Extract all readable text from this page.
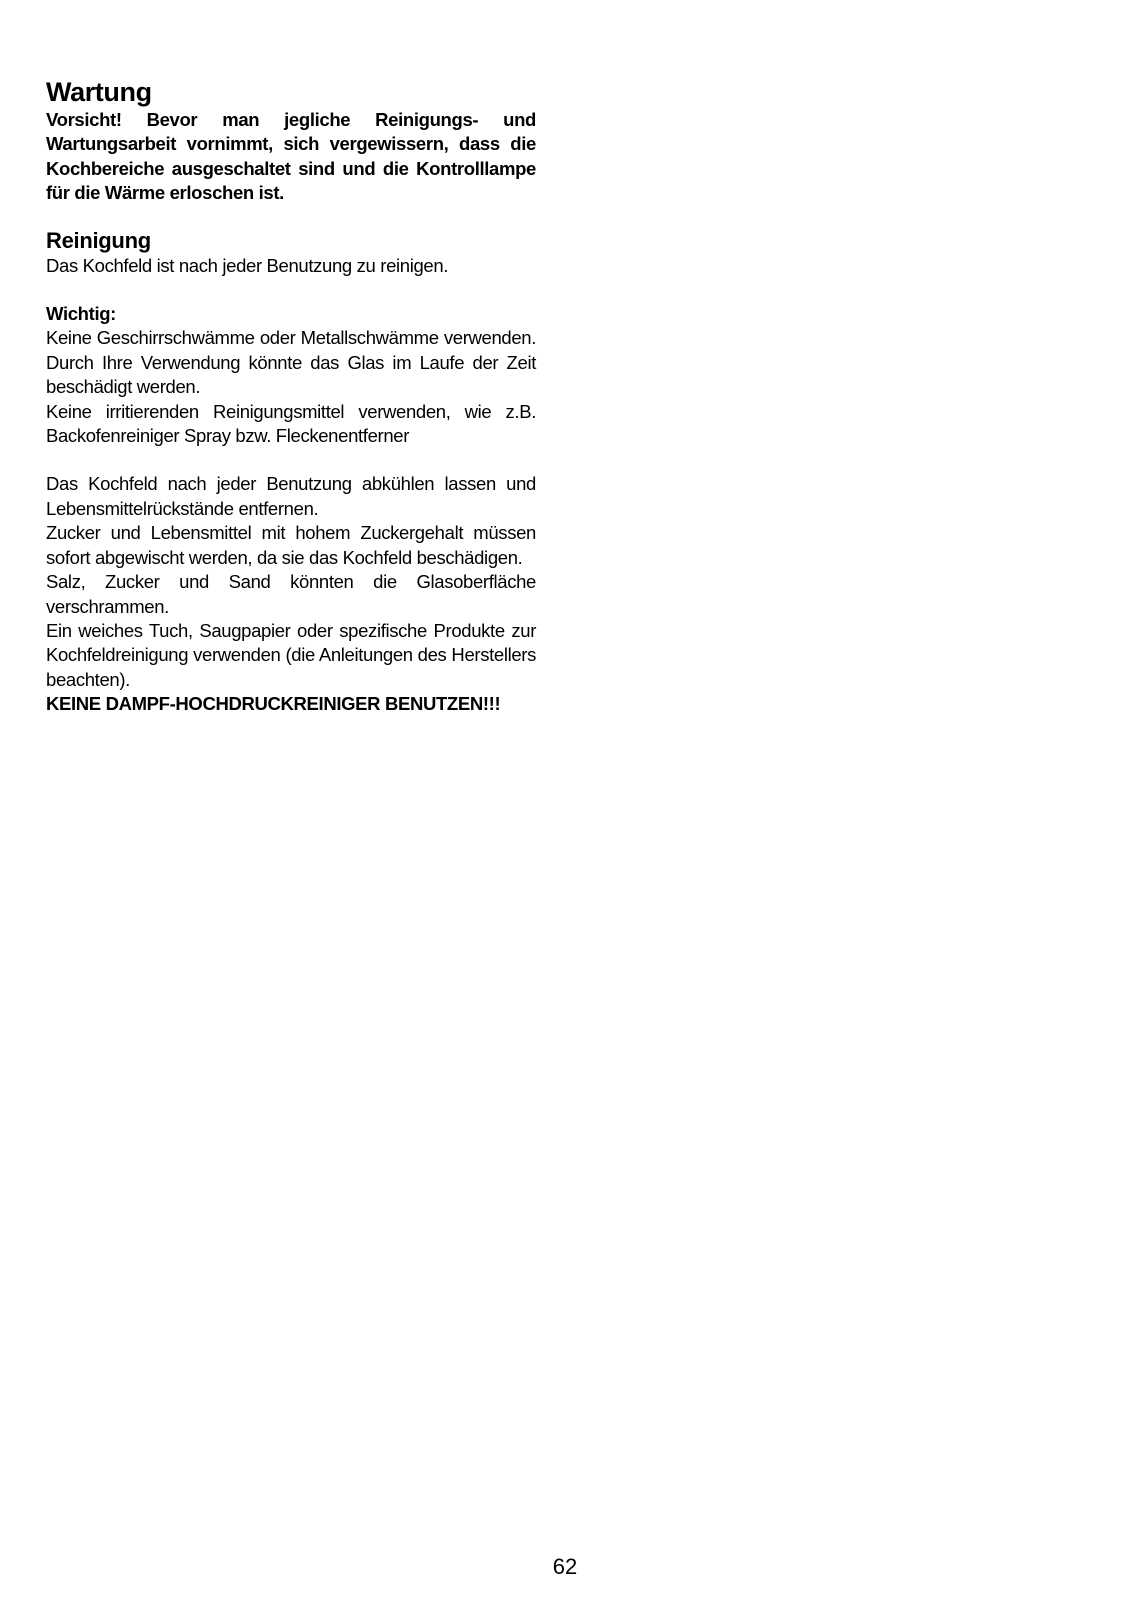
Wartung

Vorsicht! Bevor man jegliche Reinigungs- und Wartungsarbeit vornimmt, sich vergewissern, dass die Kochbereiche ausgeschaltet sind und die Kontrolllampe für die Wärme erloschen ist.

Reinigung

Das Kochfeld ist nach jeder Benutzung zu reinigen.

Wichtig:

Keine Geschirrschwämme oder Metallschwämme verwenden. Durch Ihre Verwendung könnte das Glas im Laufe der Zeit beschädigt werden.

Keine irritierenden Reinigungsmittel verwenden, wie z.B. Backofenreiniger Spray bzw. Fleckenentferner

Das Kochfeld nach jeder Benutzung abkühlen lassen und Lebensmittelrückstände entfernen.

Zucker und Lebensmittel mit hohem Zuckergehalt müssen sofort abgewischt werden, da sie das Kochfeld beschädigen.

Salz, Zucker und Sand könnten die Glasoberfläche verschrammen.

Ein weiches Tuch, Saugpapier oder spezifische Produkte zur Kochfeldreinigung verwenden (die Anleitungen des Herstellers beachten).

KEINE DAMPF-HOCHDRUCKREINIGER BENUTZEN!!!

62
